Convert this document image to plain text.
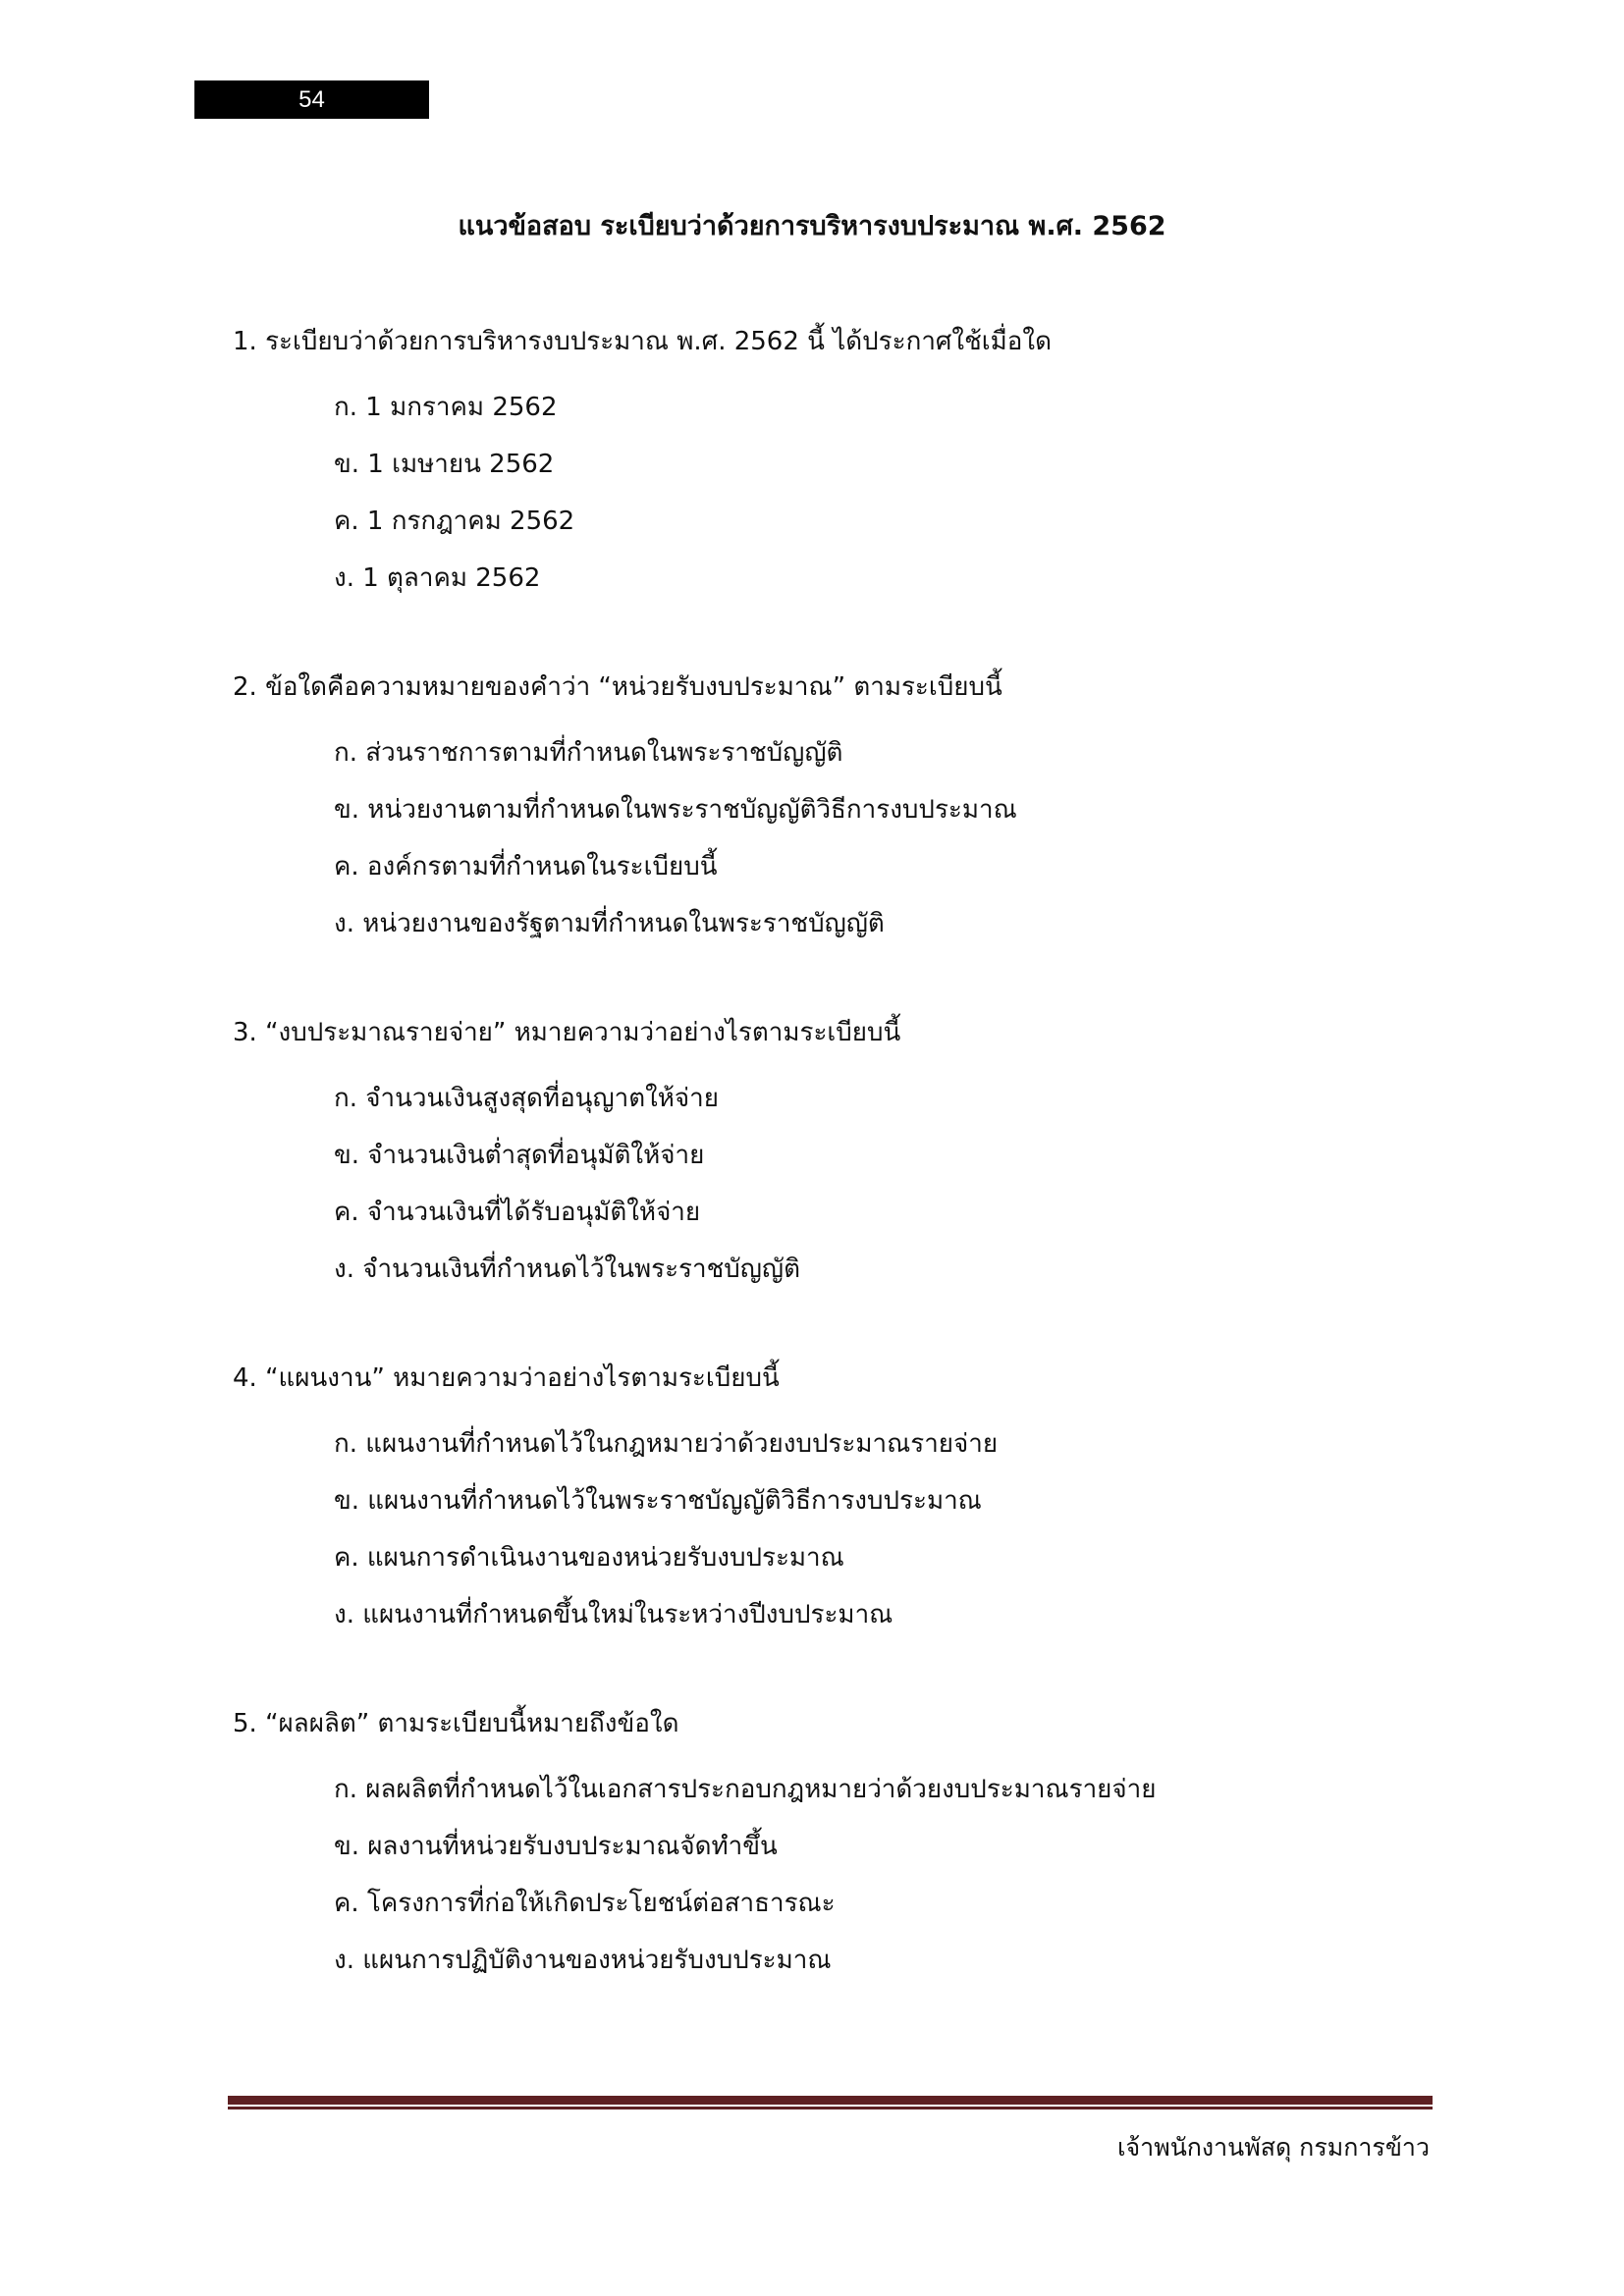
54
แนวข้อสอบ ระเบียบว่าด้วยการบริหารงบประมาณ พ.ศ. 2562
1. ระเบียบว่าด้วยการบริหารงบประมาณ พ.ศ. 2562 นี้ ได้ประกาศใช้เมื่อใด
ก. 1 มกราคม 2562
ข. 1 เมษายน 2562
ค. 1 กรกฎาคม 2562
ง. 1 ตุลาคม 2562
2. ข้อใดคือความหมายของคำว่า “หน่วยรับงบประมาณ” ตามระเบียบนี้
ก. ส่วนราชการตามที่กำหนดในพระราชบัญญัติ
ข. หน่วยงานตามที่กำหนดในพระราชบัญญัติวิธีการงบประมาณ
ค. องค์กรตามที่กำหนดในระเบียบนี้
ง. หน่วยงานของรัฐตามที่กำหนดในพระราชบัญญัติ
3. “งบประมาณรายจ่าย” หมายความว่าอย่างไรตามระเบียบนี้
ก. จำนวนเงินสูงสุดที่อนุญาตให้จ่าย
ข. จำนวนเงินต่ำสุดที่อนุมัติให้จ่าย
ค. จำนวนเงินที่ได้รับอนุมัติให้จ่าย
ง. จำนวนเงินที่กำหนดไว้ในพระราชบัญญัติ
4. “แผนงาน” หมายความว่าอย่างไรตามระเบียบนี้
ก. แผนงานที่กำหนดไว้ในกฎหมายว่าด้วยงบประมาณรายจ่าย
ข. แผนงานที่กำหนดไว้ในพระราชบัญญัติวิธีการงบประมาณ
ค. แผนการดำเนินงานของหน่วยรับงบประมาณ
ง. แผนงานที่กำหนดขึ้นใหม่ในระหว่างปีงบประมาณ
5. “ผลผลิต” ตามระเบียบนี้หมายถึงข้อใด
ก. ผลผลิตที่กำหนดไว้ในเอกสารประกอบกฎหมายว่าด้วยงบประมาณรายจ่าย
ข. ผลงานที่หน่วยรับงบประมาณจัดทำขึ้น
ค. โครงการที่ก่อให้เกิดประโยชน์ต่อสาธารณะ
ง. แผนการปฏิบัติงานของหน่วยรับงบประมาณ
เจ้าพนักงานพัสดุ กรมการข้าว
